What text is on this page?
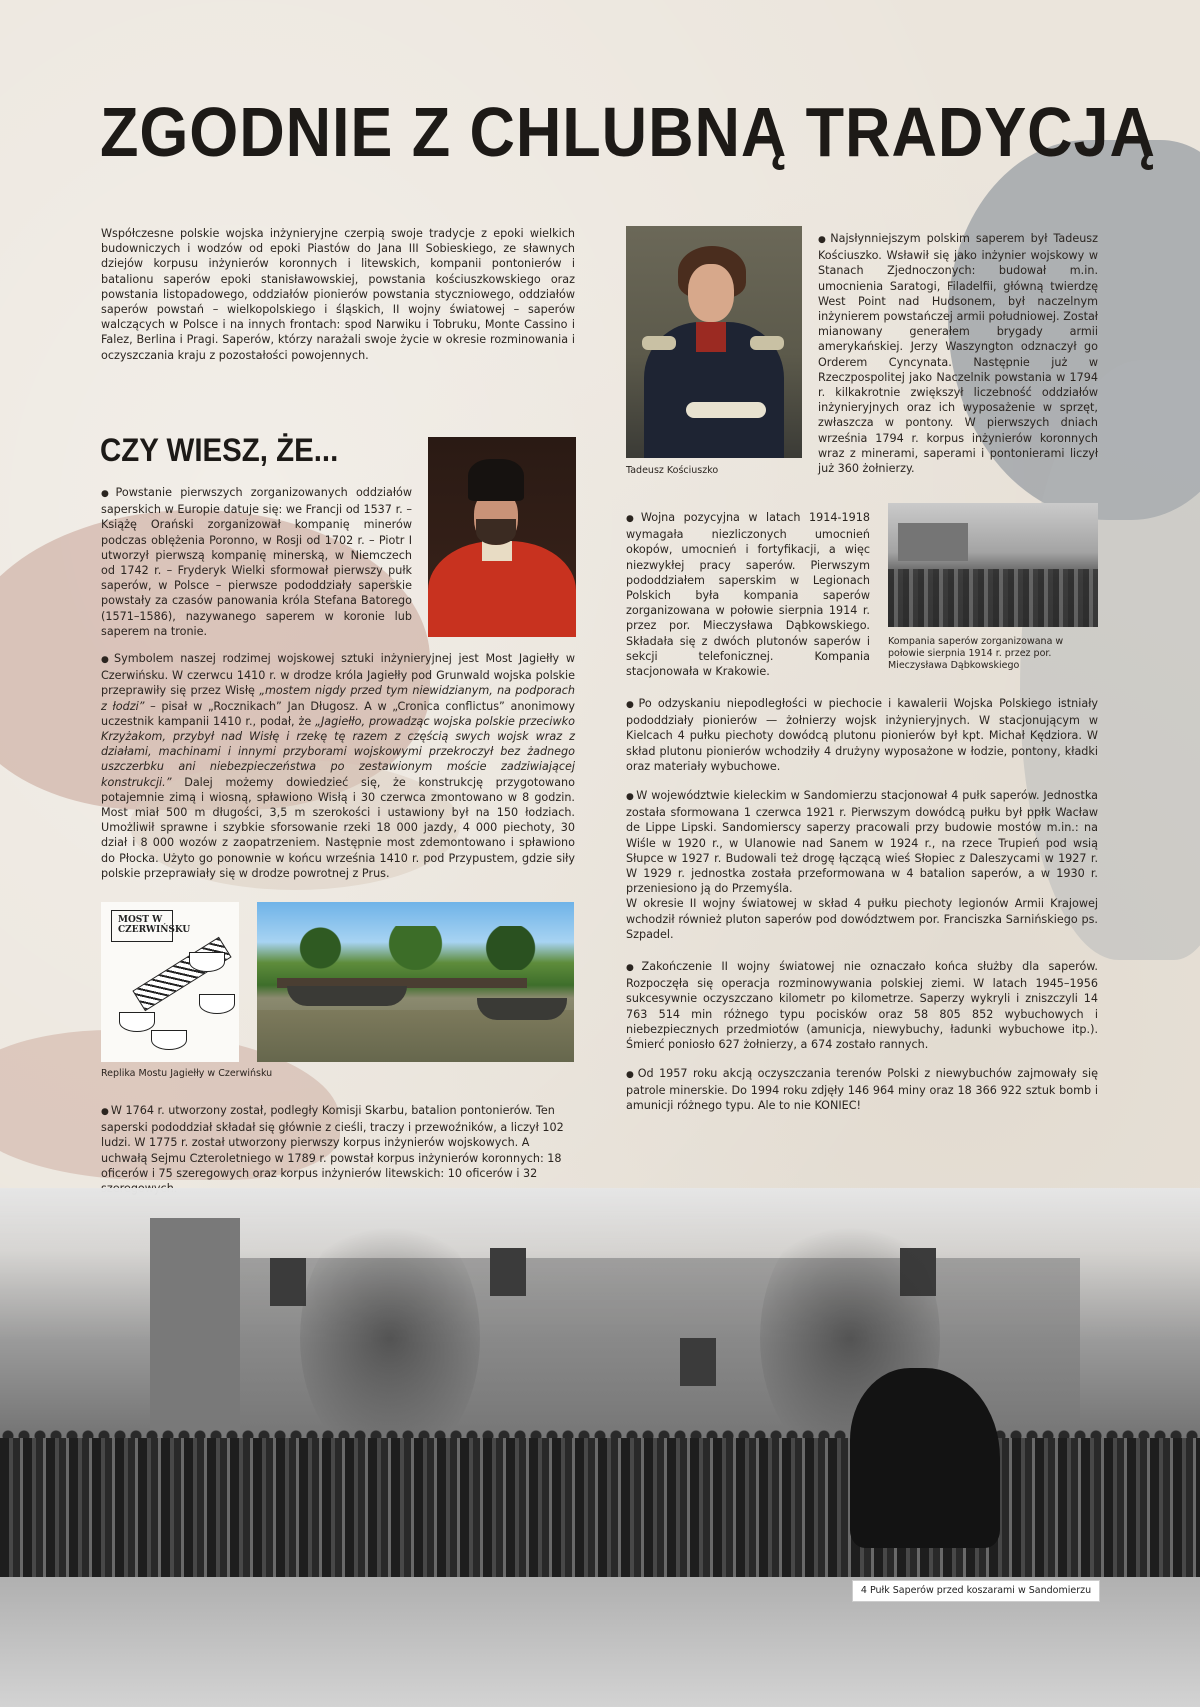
ZGODNIE Z CHLUBNĄ TRADYCJĄ

Współczesne polskie wojska inżynieryjne czerpią swoje tradycje z epoki wielkich budowniczych i wodzów od epoki Piastów do Jana III Sobieskiego, ze sławnych dziejów korpusu inżynierów koronnych i litewskich, kompanii pontonierów i batalionu saperów epoki stanisławowskiej, powstania kościuszkowskiego oraz powstania listopadowego, oddziałów pionierów powstania styczniowego, oddziałów saperów powstań – wielkopolskiego i śląskich, II wojny światowej – saperów walczących w Polsce i na innych frontach: spod Narwiku i Tobruku, Monte Cassino i Falez, Berlina i Pragi. Saperów, którzy narażali swoje życie w okresie rozminowania i oczyszczania kraju z pozostałości powojennych.

Tadeusz Kościuszko

● Najsłynniejszym polskim saperem był Tadeusz Kościuszko. Wsławił się jako inżynier wojskowy w Stanach Zjednoczonych: budował m.in. umocnienia Saratogi, Filadelfii, główną twierdzę West Point nad Hudsonem, był naczelnym inżynierem powstańczej armii południowej. Został mianowany generałem brygady armii amerykańskiej. Jerzy Waszyngton odznaczył go Orderem Cyncynata. Następnie już w Rzeczpospolitej jako Naczelnik powstania w 1794 r. kilkakrotnie zwiększył liczebność oddziałów inżynieryjnych oraz ich wyposażenie w sprzęt, zwłaszcza w pontony. W pierwszych dniach września 1794 r. korpus inżynierów koronnych wraz z minerami, saperami i pontonierami liczył już 360 żołnierzy.

CZY WIESZ, ŻE...

● Powstanie pierwszych zorganizowanych oddziałów saperskich w Europie datuje się: we Francji od 1537 r. – Książę Orański zorganizował kompanię minerów podczas oblężenia Poronno, w Rosji od 1702 r. – Piotr I utworzył pierwszą kompanię minerską, w Niemczech od 1742 r. – Fryderyk Wielki sformował pierwszy pułk saperów, w Polsce – pierwsze pododdziały saperskie powstały za czasów panowania króla Stefana Batorego (1571–1586), nazywanego saperem w koronie lub saperem na tronie.

● Symbolem naszej rodzimej wojskowej sztuki inżynieryjnej jest Most Jagiełły w Czerwińsku. W czerwcu 1410 r. w drodze króla Jagiełły pod Grunwald wojska polskie przeprawiły się przez Wisłę „mostem nigdy przed tym niewidzianym, na podporach z łodzi” – pisał w „Rocznikach” Jan Długosz. A w „Cronica conflictus” anonimowy uczestnik kampanii 1410 r., podał, że „Jagiełło, prowadząc wojska polskie przeciwko Krzyżakom, przybył nad Wisłę i rzekę tę razem z częścią swych wojsk wraz z działami, machinami i innymi przyborami wojskowymi przekroczył bez żadnego uszczerbku ani niebezpieczeństwa po zestawionym moście zadziwiającej konstrukcji.” Dalej możemy dowiedzieć się, że konstrukcję przygotowano potajemnie zimą i wiosną, spławiono Wisłą i 30 czerwca zmontowano w 8 godzin. Most miał 500 m długości, 3,5 m szerokości i ustawiony był na 150 łodziach. Umożliwił sprawne i szybkie sforsowanie rzeki 18 000 jazdy, 4 000 piechoty, 30 dział i 8 000 wozów z zaopatrzeniem. Następnie most zdemontowano i spławiono do Płocka. Użyto go ponownie w końcu września 1410 r. pod Przypustem, gdzie siły polskie przeprawiały się w drodze powrotnej z Prus.

MOST W CZERWIŃSKU

Replika Mostu Jagiełły w Czerwińsku

● W 1764 r. utworzony został, podległy Komisji Skarbu, batalion pontonierów. Ten saperski pododdział składał się głównie z cieśli, traczy i przewoźników, a liczył 102 ludzi. W 1775 r. został utworzony pierwszy korpus inżynierów wojskowych. A uchwałą Sejmu Czteroletniego w 1789 r. powstał korpus inżynierów koronnych: 18 oficerów i 75 szeregowych oraz korpus inżynierów litewskich: 10 oficerów i 32

● Wojna pozycyjna w latach 1914-1918 wymagała niezliczonych umocnień okopów, umocnień i fortyfikacji, a więc niezwykłej pracy saperów. Pierwszym pododdziałem saperskim w Legionach Polskich była kompania saperów zorganizowana w połowie sierpnia 1914 r. przez por. Mieczysława Dąbkowskiego. Składała się z dwóch plutonów saperów i sekcji telefonicznej. Kompania stacjonowała w Krakowie.

Kompania saperów zorganizowana w połowie sierpnia 1914 r. przez por. Mieczysława Dąbkowskiego

● Po odzyskaniu niepodległości w piechocie i kawalerii Wojska Polskiego istniały pododdziały pionierów — żołnierzy wojsk inżynieryjnych. W stacjonującym w Kielcach 4 pułku piechoty dowódcą plutonu pionierów był kpt. Michał Kędziora. W skład plutonu pionierów wchodziły 4 drużyny wyposażone w łodzie, pontony, kładki oraz materiały wybuchowe.

● W województwie kieleckim w Sandomierzu stacjonował 4 pułk saperów. Jednostka została sformowana 1 czerwca 1921 r. Pierwszym dowódcą pułku był ppłk Wacław de Lippe Lipski. Sandomierscy saperzy pracowali przy budowie mostów m.in.: na Wiśle w 1920 r., w Ulanowie nad Sanem w 1924 r., na rzece Trupień pod wsią Słupce w 1927 r. Budowali też drogę łączącą wieś Słopiec z Daleszycami w 1927 r. W 1929 r. jednostka została przeformowana w 4 batalion saperów, a w 1930 r. przeniesiono ją do Przemyśla.
W okresie II wojny światowej w skład 4 pułku piechoty legionów Armii Krajowej wchodził również pluton saperów pod dowództwem por. Franciszka Sarnińskiego ps. Szpadel.

● Zakończenie II wojny światowej nie oznaczało końca służby dla saperów. Rozpoczęła się operacja rozminowywania polskiej ziemi. W latach 1945–1956 sukcesywnie oczyszczano kilometr po kilometrze. Saperzy wykryli i zniszczyli 14 763 514 min różnego typu pocisków oraz 58 805 852 wybuchowych i niebezpiecznych przedmiotów (amunicja, niewybuchy, ładunki wybuchowe itp.). Śmierć poniosło 627 żołnierzy, a 674 zostało rannych.

● Od 1957 roku akcją oczyszczania terenów Polski z niewybuchów zajmowały się patrole minerskie. Do 1994 roku zdjęły 146 964 miny oraz 18 366 922 sztuk bomb i amunicji różnego typu. Ale to nie KONIEC!

4 Pułk Saperów przed koszarami w Sandomierzu
